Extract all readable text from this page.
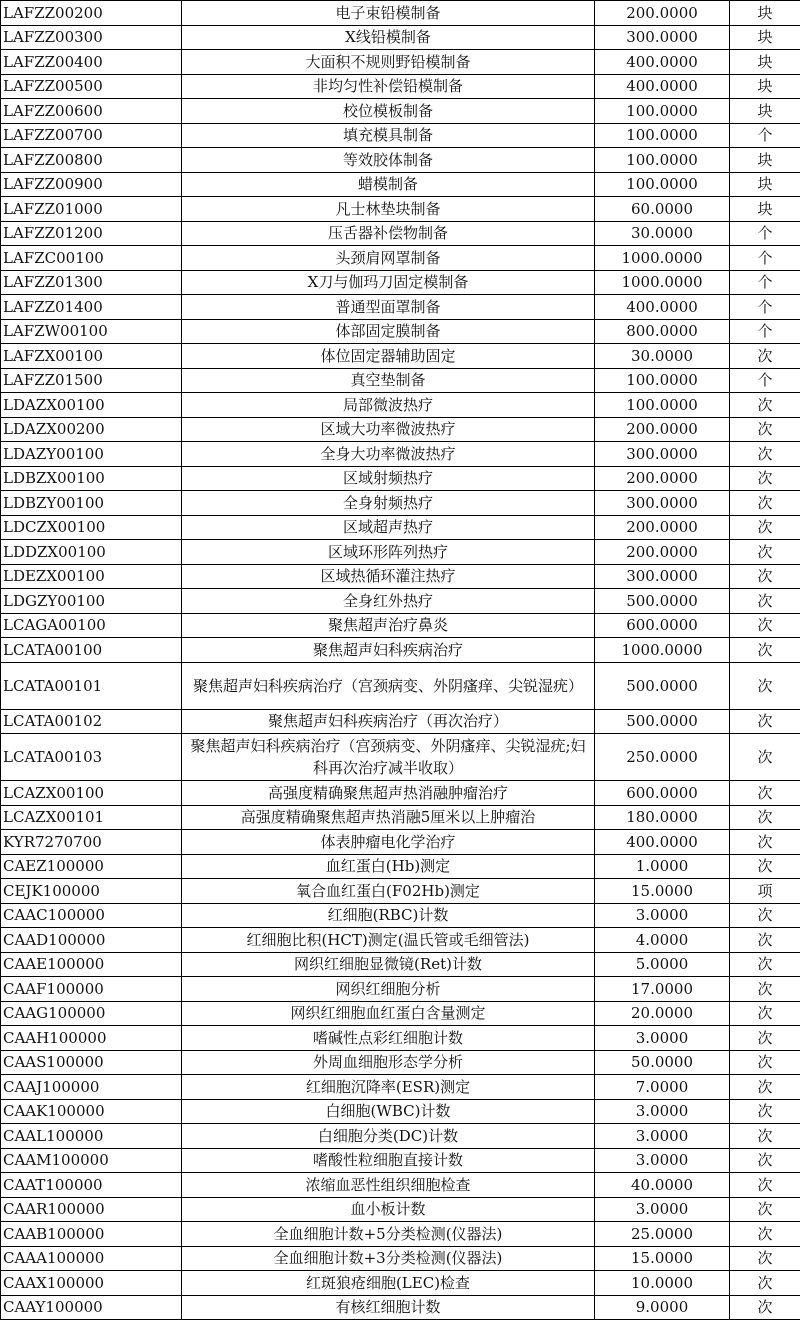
LAFZZ00200	电子束铅模制备	200.0000	块
LAFZZ00300	X线铅模制备	300.0000	块
LAFZZ00400	大面积不规则野铅模制备	400.0000	块
LAFZZ00500	非均匀性补偿铅模制备	400.0000	块
LAFZZ00600	校位模板制备	100.0000	块
LAFZZ00700	填充模具制备	100.0000	个
LAFZZ00800	等效胶体制备	100.0000	块
LAFZZ00900	蜡模制备	100.0000	块
LAFZZ01000	凡士林垫块制备	60.0000	块
LAFZZ01200	压舌器补偿物制备	30.0000	个
LAFZC00100	头颈肩网罩制备	1000.0000	个
LAFZZ01300	X刀与伽玛刀固定模制备	1000.0000	个
LAFZZ01400	普通型面罩制备	400.0000	个
LAFZW00100	体部固定膜制备	800.0000	个
LAFZX00100	体位固定器辅助固定	30.0000	次
LAFZZ01500	真空垫制备	100.0000	个
LDAZX00100	局部微波热疗	100.0000	次
LDAZX00200	区域大功率微波热疗	200.0000	次
LDAZY00100	全身大功率微波热疗	300.0000	次
LDBZX00100	区域射频热疗	200.0000	次
LDBZY00100	全身射频热疗	300.0000	次
LDCZX00100	区域超声热疗	200.0000	次
LDDZX00100	区域环形阵列热疗	200.0000	次
LDEZX00100	区域热循环灌注热疗	300.0000	次
LDGZY00100	全身红外热疗	500.0000	次
LCAGA00100	聚焦超声治疗鼻炎	600.0000	次
LCATA00100	聚焦超声妇科疾病治疗	1000.0000	次
LCATA00101	聚焦超声妇科疾病治疗（宫颈病变、外阴瘙痒、尖锐湿疣）	500.0000	次
LCATA00102	聚焦超声妇科疾病治疗（再次治疗）	500.0000	次
LCATA00103	聚焦超声妇科疾病治疗（宫颈病变、外阴瘙痒、尖锐湿疣;妇科再次治疗减半收取）	250.0000	次
LCAZX00100	高强度精确聚焦超声热消融肿瘤治疗	600.0000	次
LCAZX00101	高强度精确聚焦超声热消融5厘米以上肿瘤治	180.0000	次
KYR7270700	体表肿瘤电化学治疗	400.0000	次
CAEZ100000	血红蛋白(Hb)测定	1.0000	次
CEJK100000	氧合血红蛋白(F02Hb)测定	15.0000	项
CAAC100000	红细胞(RBC)计数	3.0000	次
CAAD100000	红细胞比积(HCT)测定(温氏管或毛细管法)	4.0000	次
CAAE100000	网织红细胞显微镜(Ret)计数	5.0000	次
CAAF100000	网织红细胞分析	17.0000	次
CAAG100000	网织红细胞血红蛋白含量测定	20.0000	次
CAAH100000	嗜碱性点彩红细胞计数	3.0000	次
CAAS100000	外周血细胞形态学分析	50.0000	次
CAAJ100000	红细胞沉降率(ESR)测定	7.0000	次
CAAK100000	白细胞(WBC)计数	3.0000	次
CAAL100000	白细胞分类(DC)计数	3.0000	次
CAAM100000	嗜酸性粒细胞直接计数	3.0000	次
CAAT100000	浓缩血恶性组织细胞检查	40.0000	次
CAAR100000	血小板计数	3.0000	次
CAAB100000	全血细胞计数+5分类检测(仪器法)	25.0000	次
CAAA100000	全血细胞计数+3分类检测(仪器法)	15.0000	次
CAAX100000	红斑狼疮细胞(LEC)检查	10.0000	次
CAAY100000	有核红细胞计数	9.0000	次
